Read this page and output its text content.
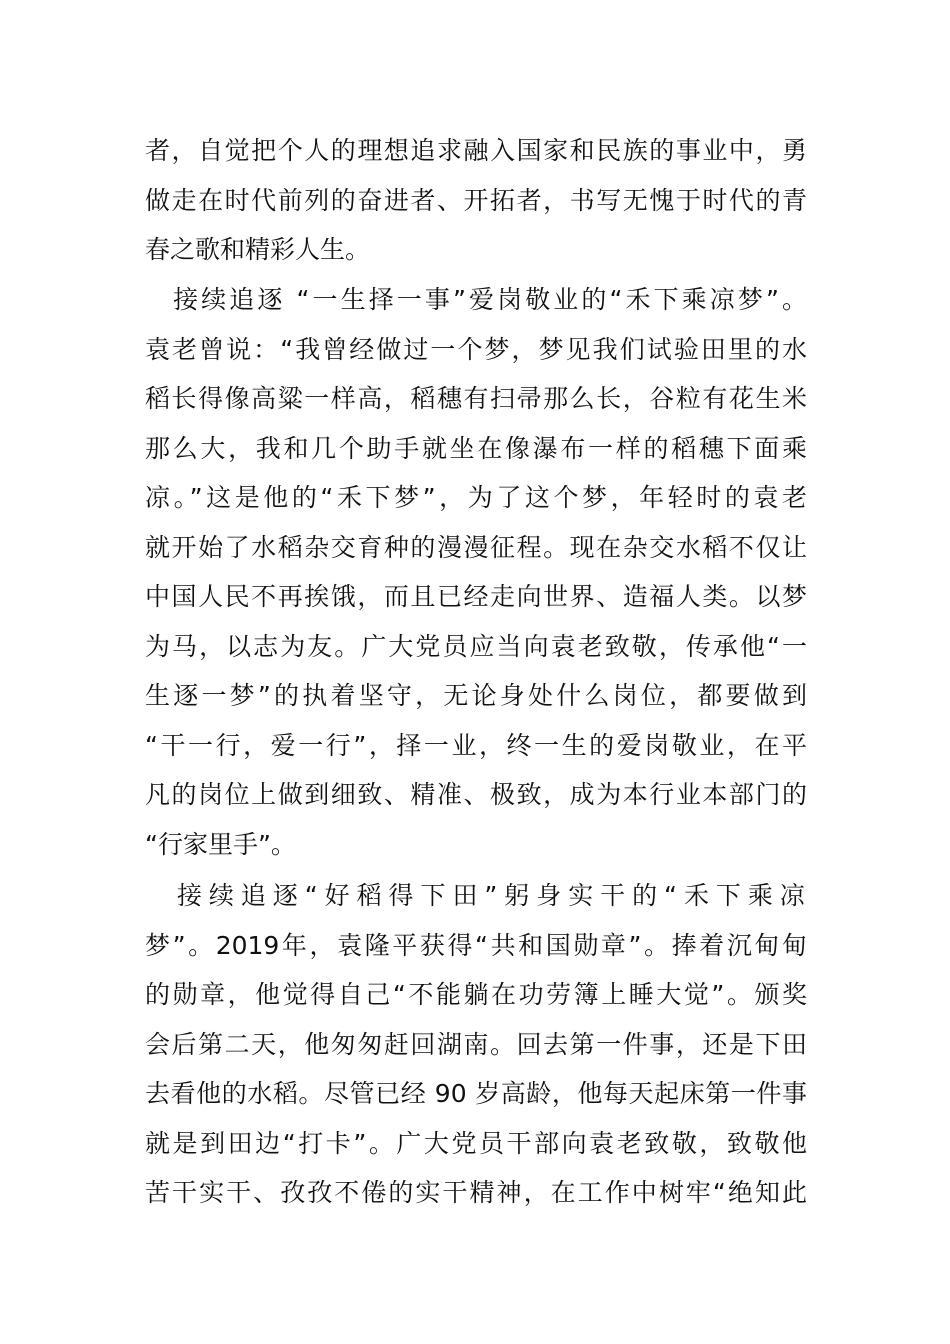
者，自觉把个人的理想追求融入国家和民族的事业中，勇
做走在时代前列的奋进者、开拓者，书写无愧于时代的青
春之歌和精彩人生。
　接续追逐 “一生择一事”爱岗敬业的“禾下乘凉梦”。
袁老曾说：“我曾经做过一个梦，梦见我们试验田里的水
稻长得像高粱一样高，稻穗有扫帚那么长，谷粒有花生米
那么大，我和几个助手就坐在像瀑布一样的稻穗下面乘
凉。”这是他的“禾下梦”，为了这个梦，年轻时的袁老
就开始了水稻杂交育种的漫漫征程。现在杂交水稻不仅让
中国人民不再挨饿，而且已经走向世界、造福人类。以梦
为马，以志为友。广大党员应当向袁老致敬，传承他“一
生逐一梦”的执着坚守，无论身处什么岗位，都要做到
“干一行，爱一行”，择一业，终一生的爱岗敬业，在平
凡的岗位上做到细致、精准、极致，成为本行业本部门的
“行家里手”。
　接续追逐“好稻得下田”躬身实干的“禾下乘凉
梦”。2019年，袁隆平获得“共和国勋章”。捧着沉甸甸
的勋章，他觉得自己“不能躺在功劳簿上睡大觉”。颁奖
会后第二天，他匆匆赶回湖南。回去第一件事，还是下田
去看他的水稻。尽管已经 90 岁高龄，他每天起床第一件事
就是到田边“打卡”。广大党员干部向袁老致敬，致敬他
苦干实干、孜孜不倦的实干精神，在工作中树牢“绝知此
